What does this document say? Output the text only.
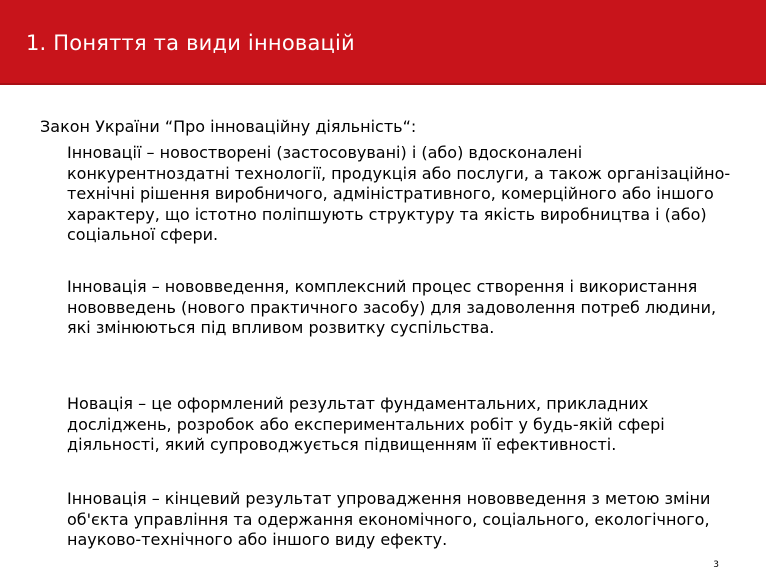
1. Поняття та види інновацій
Закон України “Про інноваційну діяльність“:

Інновації – новостворені (застосовувані) і (або) вдосконалені конкурентноздатні технології, продукція або послуги, а також організаційно-технічні рішення виробничого, адміністративного, комерційного або іншого характеру, що істотно поліпшують структуру та якість виробництва і (або) соціальної сфери.

Інновація – нововведення, комплексний процес створення і використання нововведень (нового практичного засобу) для задоволення потреб людини, які змінюються під впливом розвитку суспільства.

Новація – це оформлений результат фундаментальних, прикладних досліджень, розробок або експериментальних робіт у будь-якій сфері діяльності, який супроводжується підвищенням її ефективності.

Інновація – кінцевий результат упровадження нововведення з метою зміни об'єкта управління та одержання економічного, соціального, екологічного, науково-технічного або іншого виду ефекту.

3
